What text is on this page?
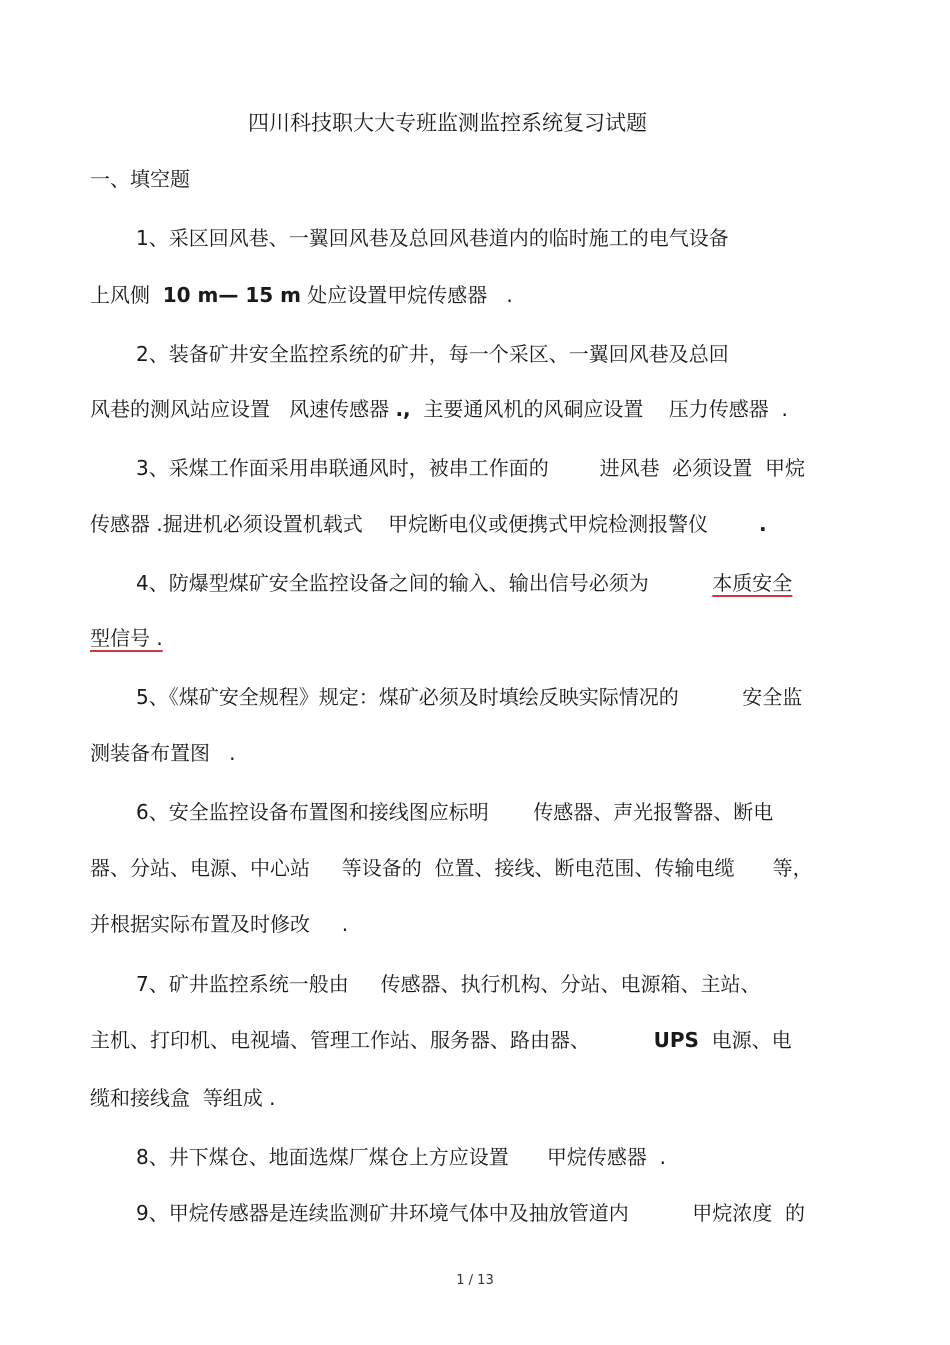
四川科技职大大专班监测监控系统复习试题
一、填空题
1、采区回风巷、一翼回风巷及总回风巷道内的临时施工的电气设备
上风侧  10 m— 15 m 处应设置甲烷传感器   .
2、装备矿井安全监控系统的矿井，每一个采区、一翼回风巷及总回
风巷的测风站应设置   风速传感器 .,  主要通风机的风硐应设置    压力传感器  .
3、采煤工作面采用串联通风时，被串工作面的        进风巷  必须设置  甲烷
传感器 .掘进机必须设置机载式    甲烷断电仪或便携式甲烷检测报警仪        .
4、防爆型煤矿安全监控设备之间的输入、输出信号必须为          本质安全
型信号 .
5、《煤矿安全规程》规定：煤矿必须及时填绘反映实际情况的          安全监
测装备布置图   .
6、安全监控设备布置图和接线图应标明       传感器、声光报警器、断电
器、分站、电源、中心站     等设备的  位置、接线、断电范围、传输电缆      等，
并根据实际布置及时修改     .
7、矿井监控系统一般由     传感器、执行机构、分站、电源箱、主站、
主机、打印机、电视墙、管理工作站、服务器、路由器、          UPS  电源、电
缆和接线盒  等组成 .
8、井下煤仓、地面选煤厂煤仓上方应设置      甲烷传感器  .
9、甲烷传感器是连续监测矿井环境气体中及抽放管道内          甲烷浓度  的
1 / 13
